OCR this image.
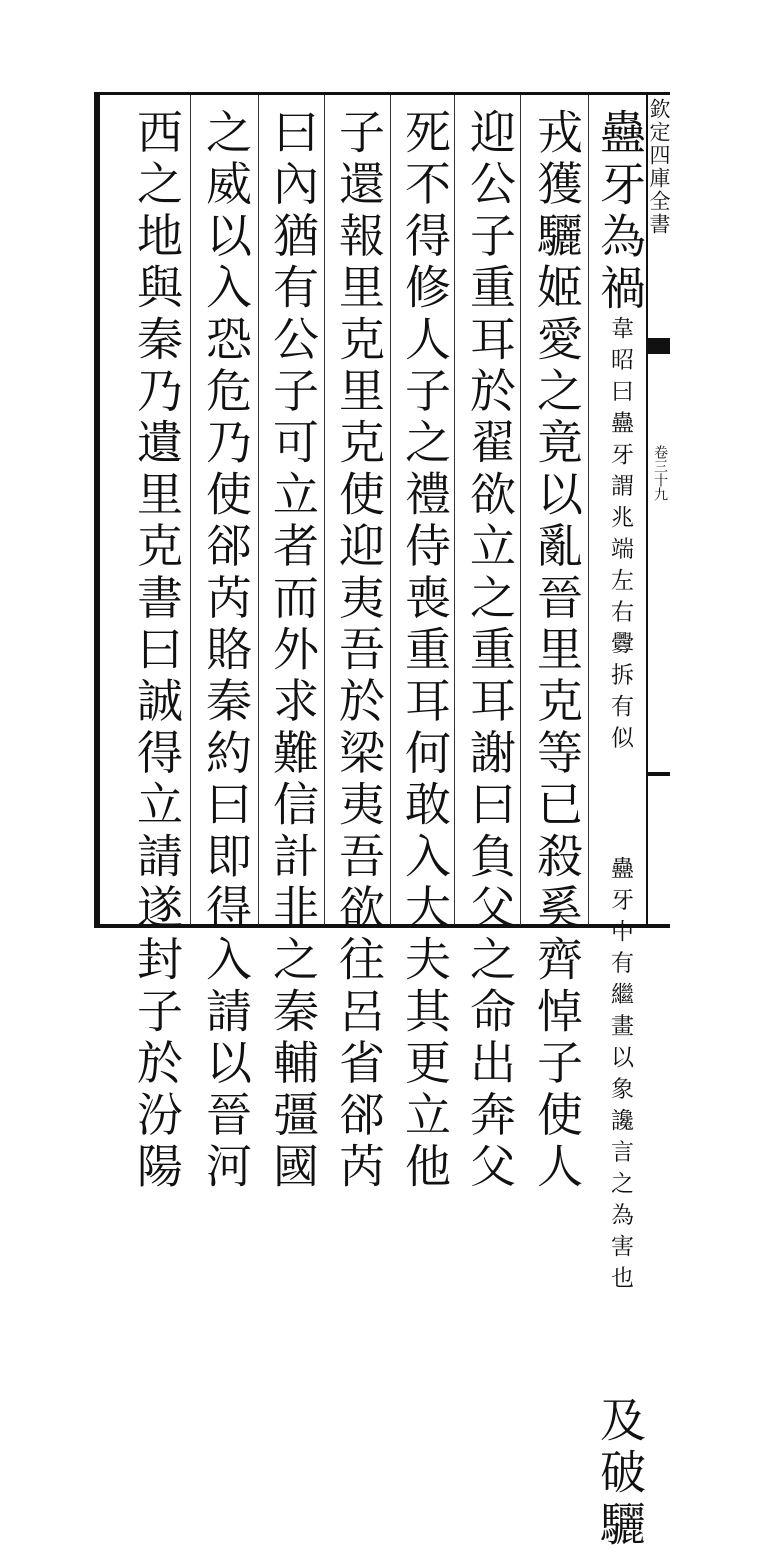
欽定四庫全書
卷三十九
蠱牙為禍韋昭曰蠱牙謂兆端左右釁拆有似蠱牙中有繼畫以象讒言之為害也及破驪
戎獲驪姬愛之竟以亂晉里克等已殺奚齊悼子使人
迎公子重耳於翟欲立之重耳謝曰負父之命出奔父
死不得修人子之禮侍喪重耳何敢入大夫其更立他
子還報里克里克使迎夷吾於梁夷吾欲往呂省郤芮
曰內猶有公子可立者而外求難信計非之秦輔彊國
之威以入恐危乃使郤芮賂秦約曰即得入請以晉河
西之地與秦乃遺里克書曰誠得立請遂封子於汾陽
